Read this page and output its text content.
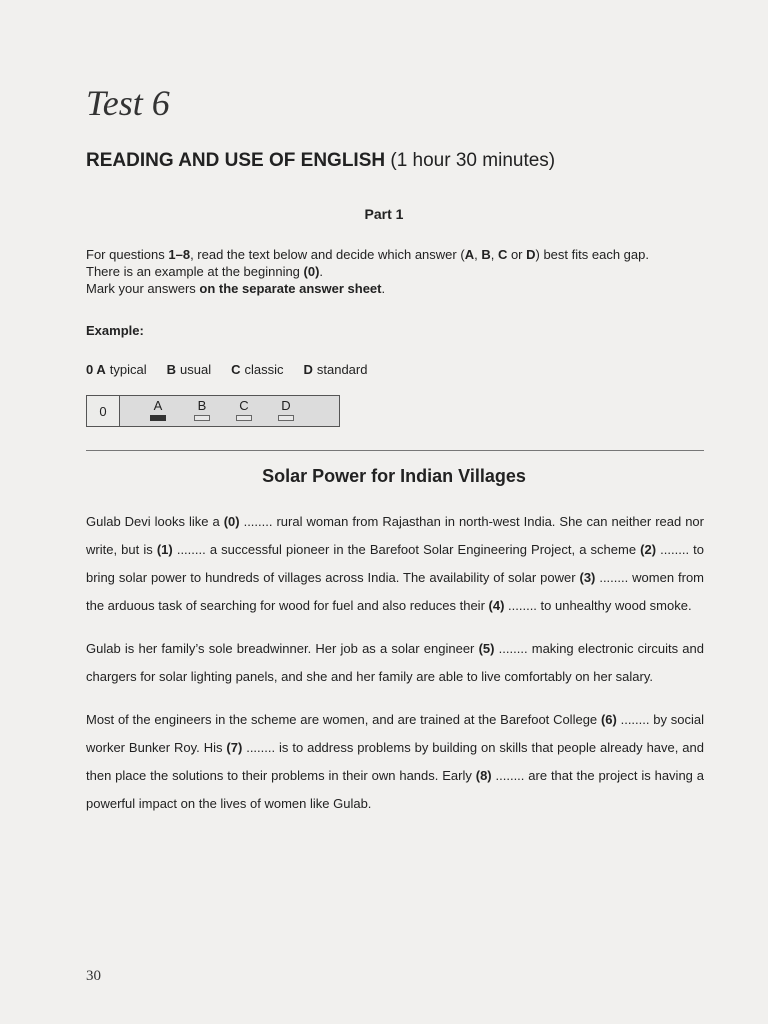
Test 6
READING AND USE OF ENGLISH (1 hour 30 minutes)
Part 1

For questions 1–8, read the text below and decide which answer (A, B, C or D) best fits each gap.

There is an example at the beginning (0).

Mark your answers on the separate answer sheet.

Example:
0 A typical B usual C classic D standard
0	A	B	C	D
Solar Power for Indian Villages

Gulab Devi looks like a (0) ........ rural woman from Rajasthan in north-west India. She can neither read nor write, but is (1) ........ a successful pioneer in the Barefoot Solar Engineering Project, a scheme (2) ........ to bring solar power to hundreds of villages across India. The availability of solar power (3) ........ women from the arduous task of searching for wood for fuel and also reduces their (4) ........ to unhealthy wood smoke.

Gulab is her family’s sole breadwinner. Her job as a solar engineer (5) ........ making electronic circuits and chargers for solar lighting panels, and she and her family are able to live comfortably on her salary.

Most of the engineers in the scheme are women, and are trained at the Barefoot College (6) ........ by social worker Bunker Roy. His (7) ........ is to address problems by building on skills that people already have, and then place the solutions to their problems in their own hands. Early (8) ........ are that the project is having a powerful impact on the lives of women like Gulab.

30
